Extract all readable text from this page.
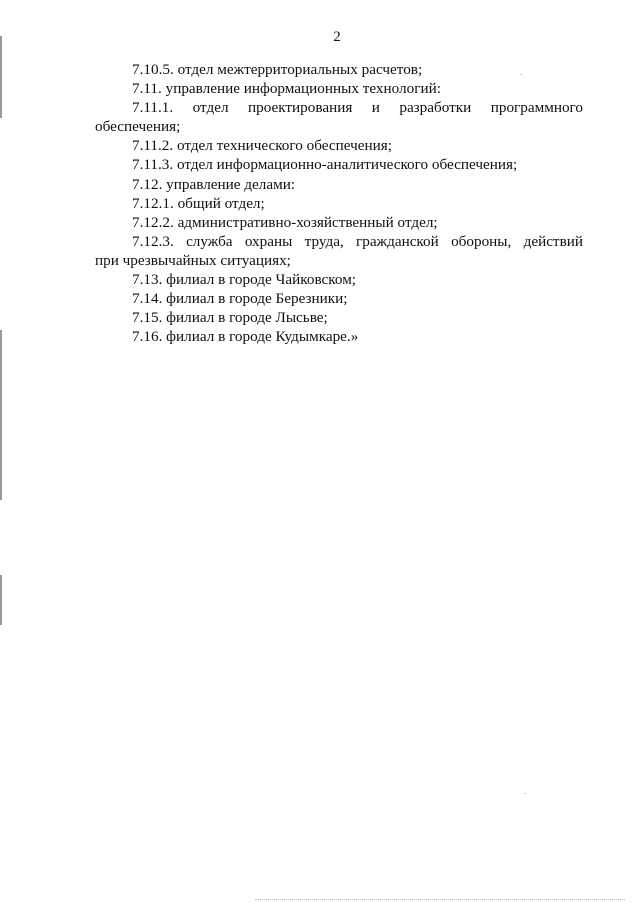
2

7.10.5. отдел межтерриториальных расчетов;

7.11. управление информационных технологий:

7.11.1. отдел проектирования и разработки программного
обеспечения;

7.11.2. отдел технического обеспечения;

7.11.3. отдел информационно-аналитического обеспечения;

7.12. управление делами:

7.12.1. общий отдел;

7.12.2. административно-хозяйственный отдел;

7.12.3. служба охраны труда, гражданской обороны, действий
при чрезвычайных ситуациях;

7.13. филиал в городе Чайковском;

7.14. филиал в городе Березники;

7.15. филиал в городе Лысьве;

7.16. филиал в городе Кудымкаре.»
